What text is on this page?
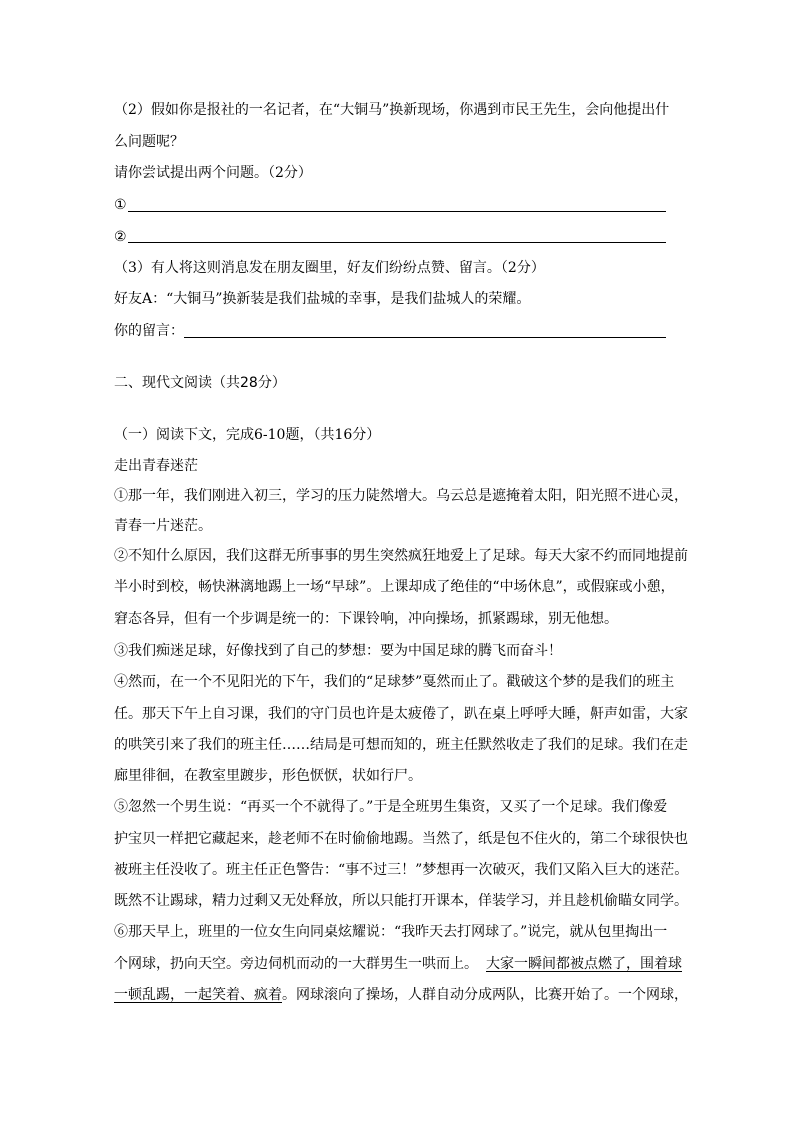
（2）假如你是报社的一名记者，在“大铜马”换新现场，你遇到市民王先生，会向他提出什
么问题呢？
请你尝试提出两个问题。（2分）
①
②
（3）有人将这则消息发在朋友圈里，好友们纷纷点赞、留言。（2分）
好友A：“大铜马”换新装是我们盐城的幸事，是我们盐城人的荣耀。
你的留言：
二、现代文阅读（共28分）
（一）阅读下文，完成6-10题，（共16分）
走出青春迷茫
①那一年，我们刚进入初三，学习的压力陡然增大。乌云总是遮掩着太阳，阳光照不进心灵，
青春一片迷茫。
②不知什么原因，我们这群无所事事的男生突然疯狂地爱上了足球。每天大家不约而同地提前
半小时到校，畅快淋漓地踢上一场“早球”。上课却成了绝佳的“中场休息”，或假寐或小憩，
窘态各异，但有一个步调是统一的：下课铃响，冲向操场，抓紧踢球，别无他想。
③我们痴迷足球，好像找到了自己的梦想：要为中国足球的腾飞而奋斗！
④然而，在一个不见阳光的下午，我们的“足球梦”戛然而止了。戳破这个梦的是我们的班主
任。那天下午上自习课，我们的守门员也许是太疲倦了，趴在桌上呼呼大睡，鼾声如雷，大家
的哄笑引来了我们的班主任……结局是可想而知的，班主任默然收走了我们的足球。我们在走
廊里徘徊，在教室里踱步，形色恹恹，状如行尸。
⑤忽然一个男生说：“再买一个不就得了。”于是全班男生集资，又买了一个足球。我们像爱
护宝贝一样把它藏起来，趁老师不在时偷偷地踢。当然了，纸是包不住火的，第二个球很快也
被班主任没收了。班主任正色警告：“事不过三！”梦想再一次破灭，我们又陷入巨大的迷茫。
既然不让踢球，精力过剩又无处释放，所以只能打开课本，佯装学习，并且趁机偷瞄女同学。
⑥那天早上，班里的一位女生向同桌炫耀说：“我昨天去打网球了。”说完，就从包里掏出一
个网球，扔向天空。旁边伺机而动的一大群男生一哄而上。 大家一瞬间都被点燃了，围着球
一顿乱踢，一起笑着、疯着。网球滚向了操场，人群自动分成两队，比赛开始了。一个网球，
